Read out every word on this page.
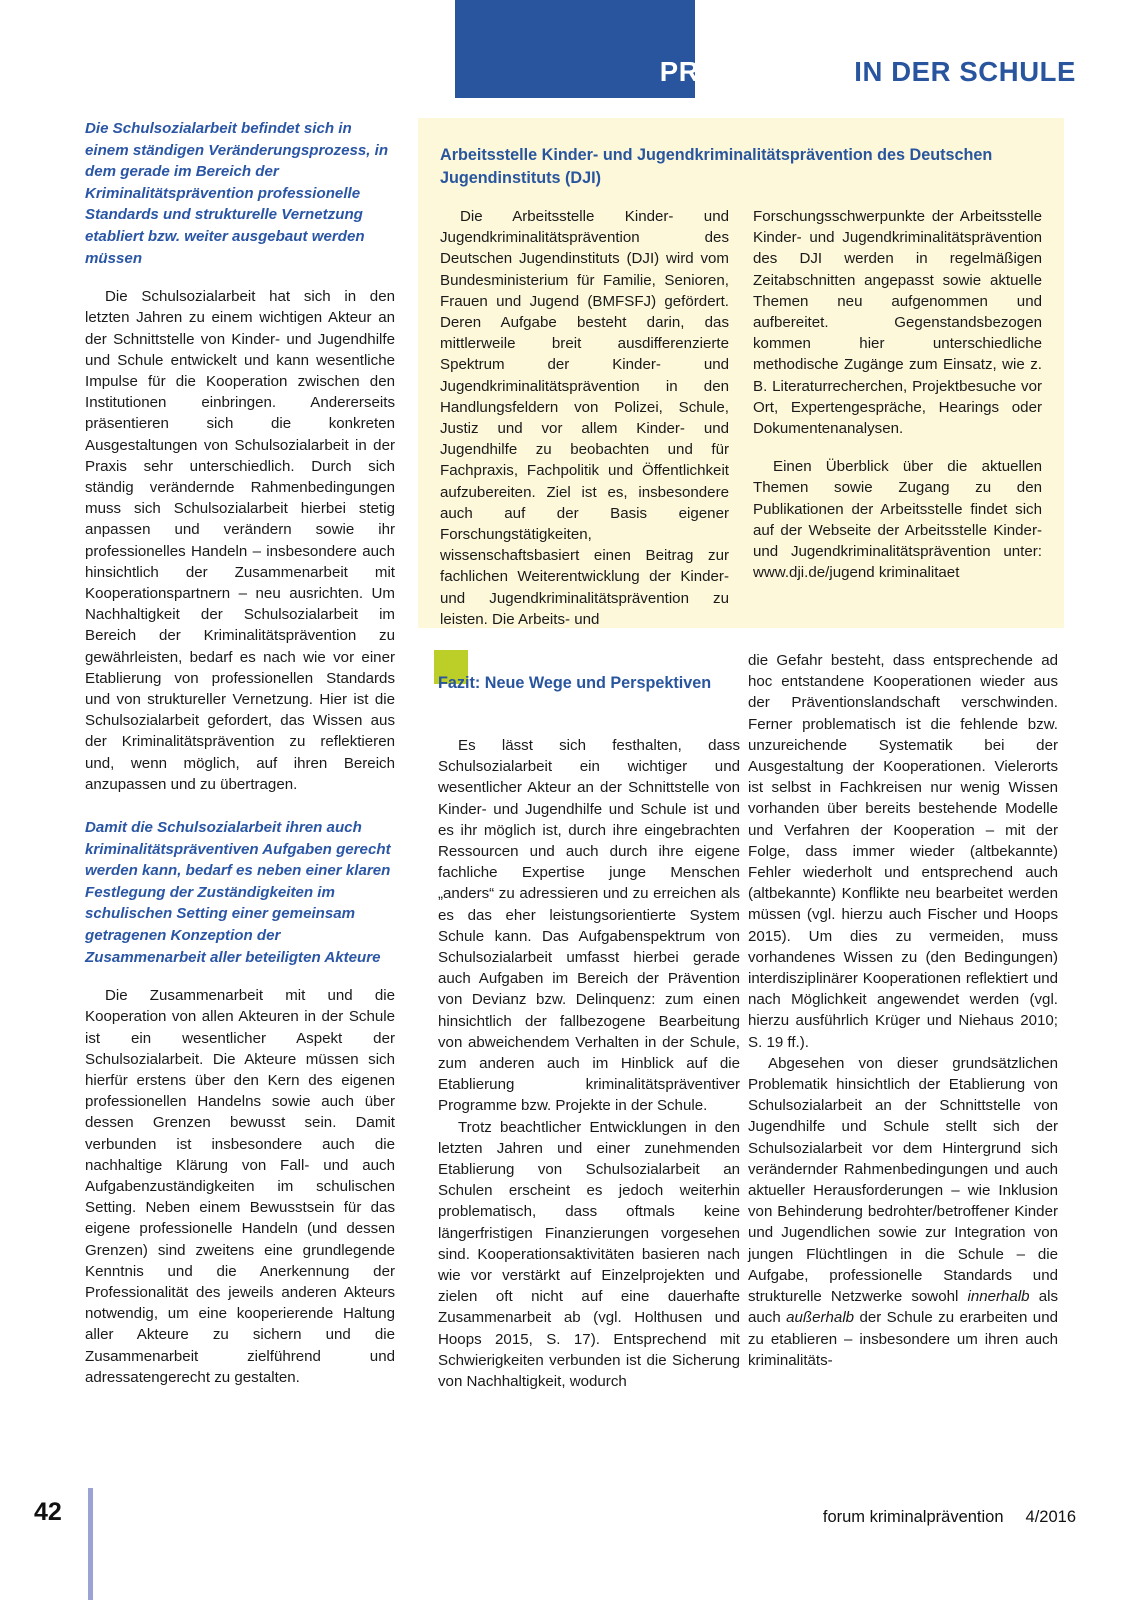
PRÄVENTION IN DER SCHULE

Die Schulsozialarbeit befindet sich in einem ständigen Veränderungsprozess, in dem gerade im Bereich der Kriminalitätsprävention professionelle Standards und strukturelle Vernetzung etabliert bzw. weiter ausgebaut werden müssen

Die Schulsozialarbeit hat sich in den letzten Jahren zu einem wichtigen Akteur an der Schnittstelle von Kinder- und Jugendhilfe und Schule entwickelt und kann wesentliche Impulse für die Kooperation zwischen den Institutionen einbringen. Andererseits präsentieren sich die konkreten Ausgestaltungen von Schulsozialarbeit in der Praxis sehr unterschiedlich. Durch sich ständig verändernde Rahmenbedingungen muss sich Schulsozialarbeit hierbei stetig anpassen und verändern sowie ihr professionelles Handeln – insbesondere auch hinsichtlich der Zusammenarbeit mit Kooperationspartnern – neu ausrichten. Um Nachhaltigkeit der Schulsozialarbeit im Bereich der Kriminalitätsprävention zu gewährleisten, bedarf es nach wie vor einer Etablierung von professionellen Standards und von struktureller Vernetzung. Hier ist die Schulsozialarbeit gefordert, das Wissen aus der Kriminalitätsprävention zu reflektieren und, wenn möglich, auf ihren Bereich anzupassen und zu übertragen.

Damit die Schulsozialarbeit ihren auch kriminalitätspräventiven Aufgaben gerecht werden kann, bedarf es neben einer klaren Festlegung der Zuständigkeiten im schulischen Setting einer gemeinsam getragenen Konzeption der Zusammenarbeit aller beteiligten Akteure

Die Zusammenarbeit mit und die Kooperation von allen Akteuren in der Schule ist ein wesentlicher Aspekt der Schulsozialarbeit. Die Akteure müssen sich hierfür erstens über den Kern des eigenen professionellen Handelns sowie auch über dessen Grenzen bewusst sein. Damit verbunden ist insbesondere auch die nachhaltige Klärung von Fall- und auch Aufgabenzuständigkeiten im schulischen Setting. Neben einem Bewusstsein für das eigene professionelle Handeln (und dessen Grenzen) sind zweitens eine grundlegende Kenntnis und die Anerkennung der Professionalität des jeweils anderen Akteurs notwendig, um eine kooperierende Haltung aller Akteure zu sichern und die Zusammenarbeit zielführend und adressatengerecht zu gestalten.

Arbeitsstelle Kinder- und Jugendkriminalitätsprävention des Deutschen Jugendinstituts (DJI)

Die Arbeitsstelle Kinder- und Jugendkriminalitätsprävention des Deutschen Jugendinstituts (DJI) wird vom Bundesministerium für Familie, Senioren, Frauen und Jugend (BMFSFJ) gefördert. Deren Aufgabe besteht darin, das mittlerweile breit ausdifferenzierte Spektrum der Kinder- und Jugendkriminalitätsprävention in den Handlungsfeldern von Polizei, Schule, Justiz und vor allem Kinder- und Jugendhilfe zu beobachten und für Fachpraxis, Fachpolitik und Öffentlichkeit aufzubereiten. Ziel ist es, insbesondere auch auf der Basis eigener Forschungstätigkeiten, wissenschaftsbasiert einen Beitrag zur fachlichen Weiterentwicklung der Kinder- und Jugendkriminalitätsprävention zu leisten. Die Arbeits- und

Forschungsschwerpunkte der Arbeitsstelle Kinder- und Jugendkriminalitätsprävention des DJI werden in regelmäßigen Zeitabschnitten angepasst sowie aktuelle Themen neu aufgenommen und aufbereitet. Gegenstandsbezogen kommen hier unterschiedliche methodische Zugänge zum Einsatz, wie z. B. Literaturrecherchen, Projektbesuche vor Ort, Expertengespräche, Hearings oder Dokumentenanalysen.

Einen Überblick über die aktuellen Themen sowie Zugang zu den Publikationen der Arbeitsstelle findet sich auf der Webseite der Arbeitsstelle Kinder- und Jugendkriminalitätsprävention unter: www.dji.de/jugend kriminalitaet

Fazit: Neue Wege und Perspektiven

Es lässt sich festhalten, dass Schulsozialarbeit ein wichtiger und wesentlicher Akteur an der Schnittstelle von Kinder- und Jugendhilfe und Schule ist und es ihr möglich ist, durch ihre eingebrachten Ressourcen und auch durch ihre eigene fachliche Expertise junge Menschen „anders“ zu adressieren und zu erreichen als es das eher leistungsorientierte System Schule kann. Das Aufgabenspektrum von Schulsozialarbeit umfasst hierbei gerade auch Aufgaben im Bereich der Prävention von Devianz bzw. Delinquenz: zum einen hinsichtlich der fallbezogene Bearbeitung von abweichendem Verhalten in der Schule, zum anderen auch im Hinblick auf die Etablierung kriminalitätspräventiver Programme bzw. Projekte in der Schule.

Trotz beachtlicher Entwicklungen in den letzten Jahren und einer zunehmenden Etablierung von Schulsozialarbeit an Schulen erscheint es jedoch weiterhin problematisch, dass oftmals keine längerfristigen Finanzierungen vorgesehen sind. Kooperationsaktivitäten basieren nach wie vor verstärkt auf Einzelprojekten und zielen oft nicht auf eine dauerhafte Zusammenarbeit ab (vgl. Holthusen und Hoops 2015, S. 17). Entsprechend mit Schwierigkeiten verbunden ist die Sicherung von Nachhaltigkeit, wodurch

die Gefahr besteht, dass entsprechende ad hoc entstandene Kooperationen wieder aus der Präventionslandschaft verschwinden. Ferner problematisch ist die fehlende bzw. unzureichende Systematik bei der Ausgestaltung der Kooperationen. Vielerorts ist selbst in Fachkreisen nur wenig Wissen vorhanden über bereits bestehende Modelle und Verfahren der Kooperation – mit der Folge, dass immer wieder (altbekannte) Fehler wiederholt und entsprechend auch (altbekannte) Konflikte neu bearbeitet werden müssen (vgl. hierzu auch Fischer und Hoops 2015). Um dies zu vermeiden, muss vorhandenes Wissen zu (den Bedingungen) interdisziplinärer Kooperationen reflektiert und nach Möglichkeit angewendet werden (vgl. hierzu ausführlich Krüger und Niehaus 2010; S. 19 ff.).

Abgesehen von dieser grundsätzlichen Problematik hinsichtlich der Etablierung von Schulsozialarbeit an der Schnittstelle von Jugendhilfe und Schule stellt sich der Schulsozialarbeit vor dem Hintergrund sich verändernder Rahmenbedingungen und auch aktueller Herausforderungen – wie Inklusion von Behinderung bedrohter/betroffener Kinder und Jugendlichen sowie zur Integration von jungen Flüchtlingen in die Schule – die Aufgabe, professionelle Standards und strukturelle Netzwerke sowohl innerhalb als auch außerhalb der Schule zu erarbeiten und zu etablieren – insbesondere um ihren auch kriminalitäts-

42	forum kriminalprävention 4/2016
